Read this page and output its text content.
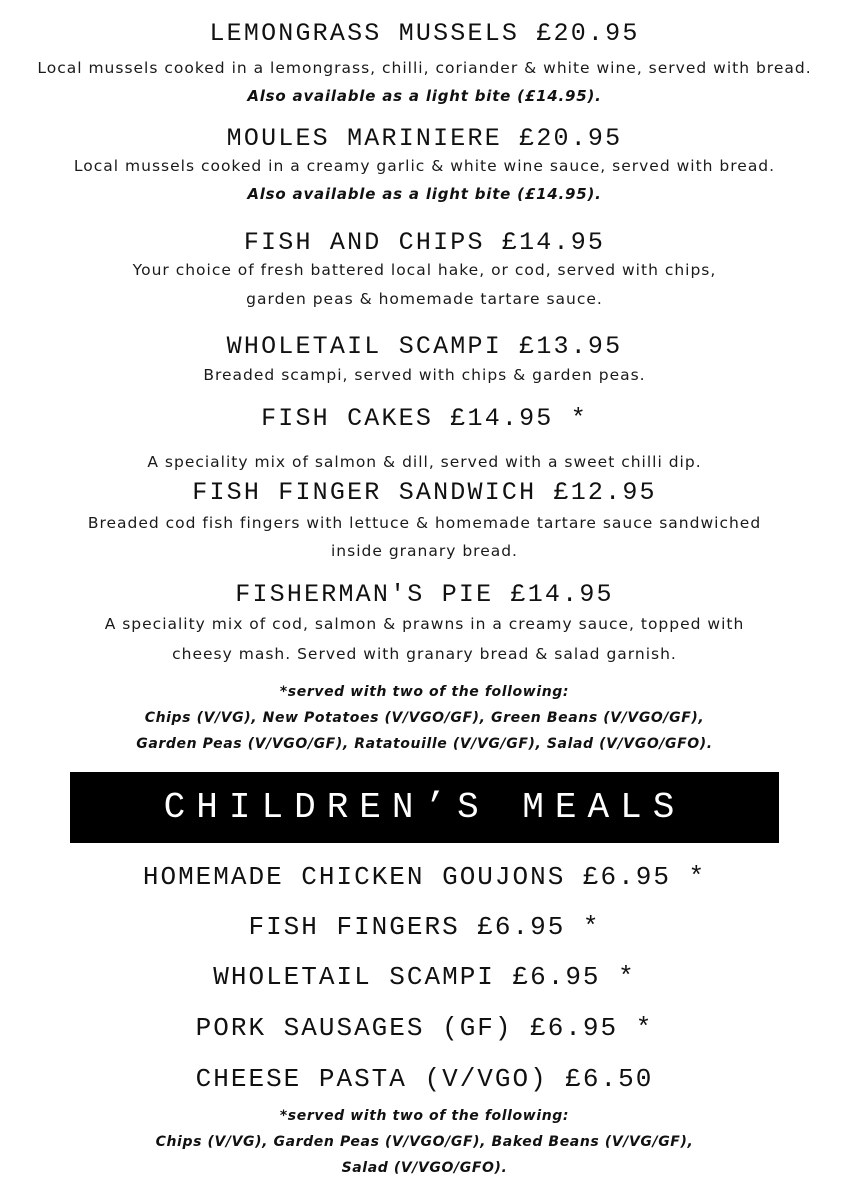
LEMONGRASS MUSSELS £20.95
Local mussels cooked in a lemongrass, chilli, coriander & white wine, served with bread.
Also available as a light bite (£14.95).
MOULES MARINIERE £20.95
Local mussels cooked in a creamy garlic & white wine sauce, served with bread.
Also available as a light bite (£14.95).
FISH AND CHIPS £14.95
Your choice of fresh battered local hake, or cod, served with chips,
garden peas & homemade tartare sauce.
WHOLETAIL SCAMPI £13.95
Breaded scampi, served with chips & garden peas.
FISH CAKES £14.95 *
A speciality mix of salmon & dill, served with a sweet chilli dip.
FISH FINGER SANDWICH £12.95
Breaded cod fish fingers with lettuce & homemade tartare sauce sandwiched
inside granary bread.
FISHERMAN'S PIE £14.95
A speciality mix of cod, salmon & prawns in a creamy sauce, topped with
cheesy mash. Served with granary bread & salad garnish.
*served with two of the following:
Chips (V/VG), New Potatoes (V/VGO/GF), Green Beans (V/VGO/GF),
Garden Peas (V/VGO/GF), Ratatouille (V/VG/GF), Salad (V/VGO/GFO).
CHILDREN’S MEALS
HOMEMADE CHICKEN GOUJONS £6.95 *
FISH FINGERS £6.95 *
WHOLETAIL SCAMPI £6.95 *
PORK SAUSAGES (GF) £6.95 *
CHEESE PASTA (V/VGO) £6.50
*served with two of the following:
Chips (V/VG), Garden Peas (V/VGO/GF), Baked Beans (V/VG/GF),
Salad (V/VGO/GFO).
